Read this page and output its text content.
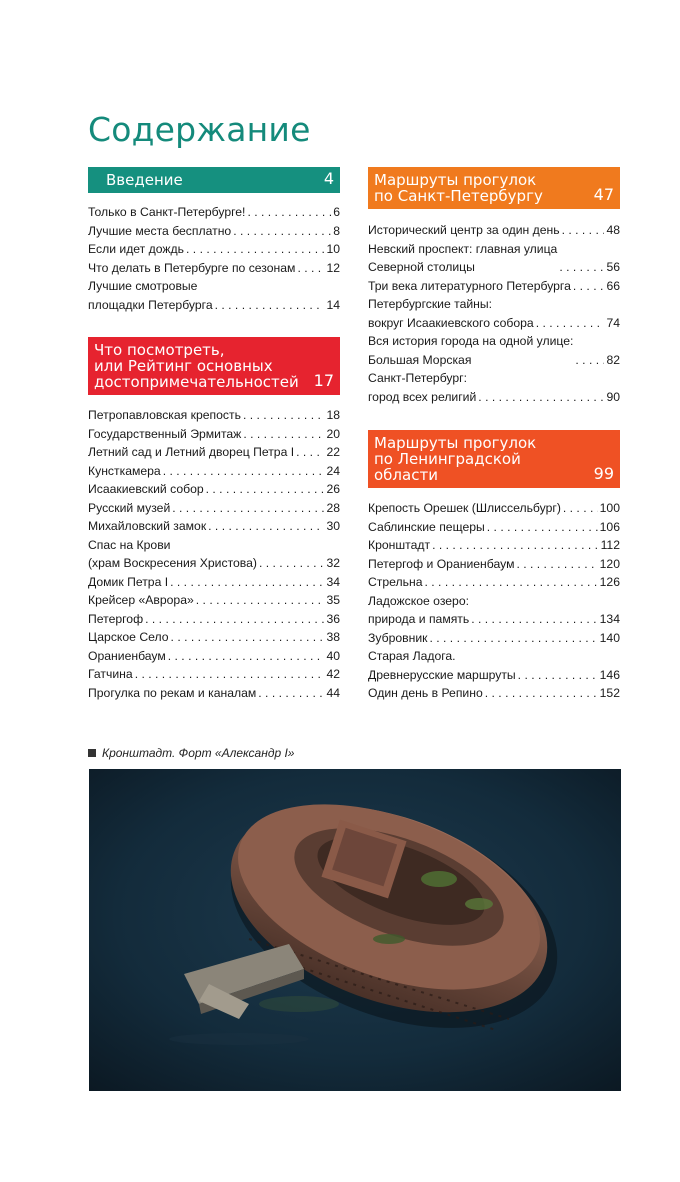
Содержание
Введение	4
Только в Санкт-Петербурге! . . .	6
Лучшие места бесплатно . . .	8
Если идет дождь . . .	10
Что делать в Петербурге по сезонам . . .	12
Лучшие смотровые
площадки Петербурга . . .	14
Что посмотреть,
или Рейтинг основных
достопримечательностей 17
Петропавловская крепость . . .	18
Государственный Эрмитаж . . .	20
Летний сад и Летний дворец Петра I . . .	22
Кунсткамера . . .	24
Исаакиевский собор . . .	26
Русский музей . . .	28
Михайловский замок . . .	30
Спас на Крови
(храм Воскресения Христова) . . .	32
Домик Петра I . . .	34
Крейсер «Аврора» . . .	35
Петергоф . . .	36
Царское Село . . .	38
Ораниенбаум . . .	40
Гатчина . . .	42
Прогулка по рекам и каналам . . .	44
Маршруты прогулок
по Санкт-Петербургу	47
Исторический центр за один день . . .	48
Невский проспект: главная улица
Северной столицы . . .	56
Три века литературного Петербурга . . .	66
Петербургские тайны:
вокруг Исаакиевского собора . . .	74
Вся история города на одной улице:
Большая Морская . . .	82
Санкт-Петербург:
город всех религий . . .	90
Маршруты прогулок
по Ленинградской
области	99
Крепость Орешек (Шлиссельбург) . . .	100
Саблинские пещеры . . .	106
Кронштадт . . .	112
Петергоф и Ораниенбаум . . .	120
Стрельна . . .	126
Ладожское озеро:
природа и память . . .	134
Зубровник . . .	140
Старая Ладога.
Древнерусские маршруты . . .	146
Один день в Репино . . .	152
Кронштадт. Форт «Александр I»
